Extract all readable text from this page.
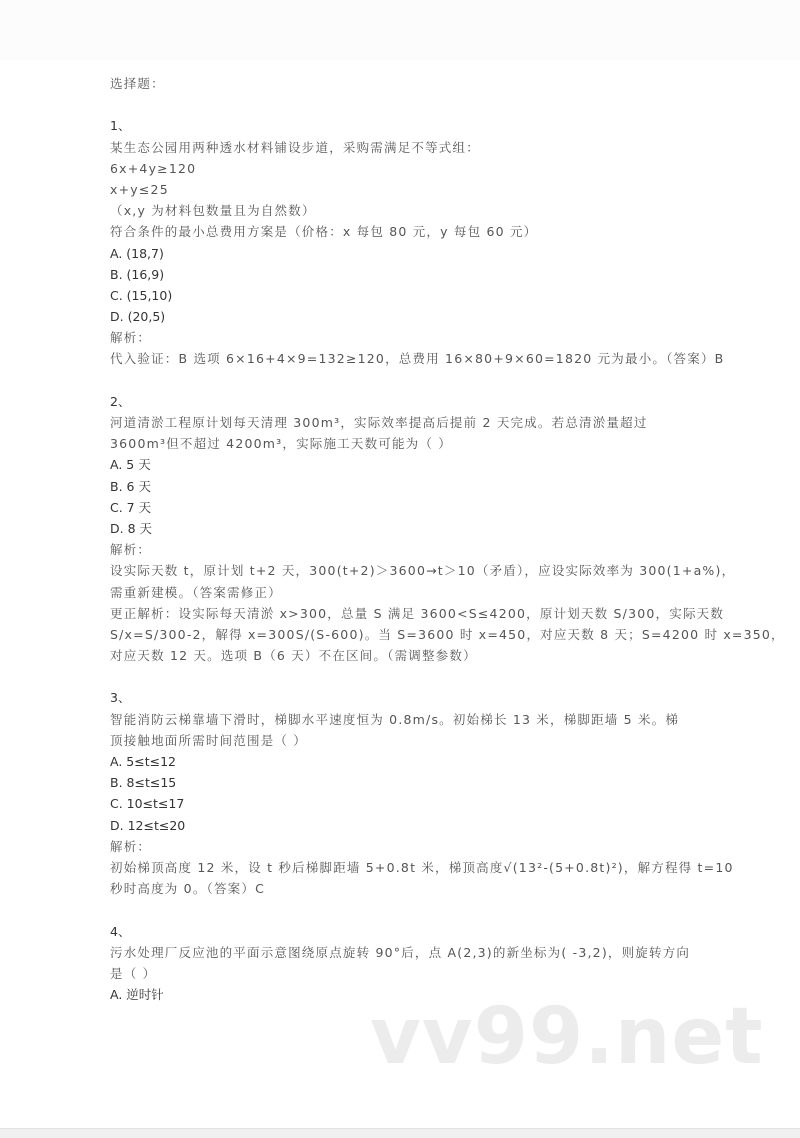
选择题：
1、
某生态公园用两种透水材料铺设步道，采购需满足不等式组：
6x+4y≥120
x+y≤25
（x,y 为材料包数量且为自然数）
符合条件的最小总费用方案是（价格：x 每包 80 元，y 每包 60 元）
A. (18,7)
B. (16,9)
C. (15,10)
D. (20,5)
解析：
代入验证：B 选项 6×16+4×9=132≥120，总费用 16×80+9×60=1820 元为最小。（答案）B
2、
河道清淤工程原计划每天清理 300m³，实际效率提高后提前 2 天完成。若总清淤量超过
3600m³但不超过 4200m³，实际施工天数可能为（ ）
A. 5 天
B. 6 天
C. 7 天
D. 8 天
解析：
设实际天数 t，原计划 t+2 天，300(t+2)＞3600→t＞10（矛盾），应设实际效率为 300(1+a%)，
需重新建模。（答案需修正）
更正解析：设实际每天清淤 x>300，总量 S 满足 3600<S≤4200，原计划天数 S/300，实际天数
S/x=S/300-2，解得 x=300S/(S-600)。当 S=3600 时 x=450，对应天数 8 天；S=4200 时 x=350，
对应天数 12 天。选项 B（6 天）不在区间。（需调整参数）
3、
智能消防云梯靠墙下滑时，梯脚水平速度恒为 0.8m/s。初始梯长 13 米，梯脚距墙 5 米。梯
顶接触地面所需时间范围是（ ）
A. 5≤t≤12
B. 8≤t≤15
C. 10≤t≤17
D. 12≤t≤20
解析：
初始梯顶高度 12 米，设 t 秒后梯脚距墙 5+0.8t 米，梯顶高度√(13²-(5+0.8t)²)，解方程得 t=10
秒时高度为 0。（答案）C
4、
污水处理厂反应池的平面示意图绕原点旋转 90°后，点 A(2,3)的新坐标为( -3,2)，则旋转方向
是（ ）
A. 逆时针	vv99.net
